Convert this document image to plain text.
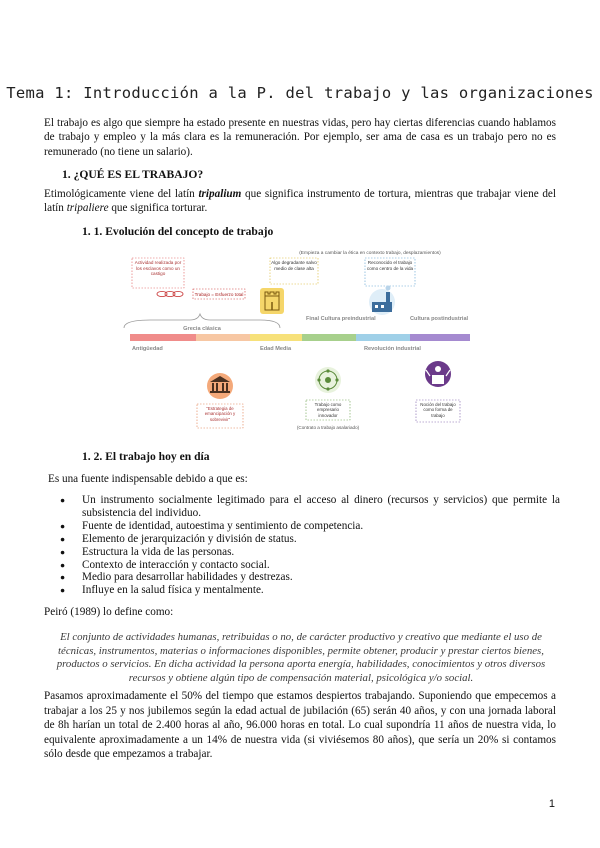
Tema 1: Introducción a la P. del trabajo y las organizaciones
El trabajo es algo que siempre ha estado presente en nuestras vidas, pero hay ciertas diferencias cuando hablamos de trabajo y empleo y la más clara es la remuneración. Por ejemplo, ser ama de casa es un trabajo pero no es remunerado (no tiene un salario).
1. ¿QUÉ ES EL TRABAJO?
Etimológicamente viene del latín tripalium que significa instrumento de tortura, mientras que trabajar viene del latín tripaliere que significa torturar.
1. 1. Evolución del concepto de trabajo
(Empieza a cambiar la ética en contexto trabajo, desplazamientos)
Actividad realizada por los esclavos como un castigo
Trabajo = Esfuerzo total
Algo degradante salvo medio de clase alta
Reconocido el trabajo como centro de la vida
Grecia clásica
Final Cultura preindustrial	Cultura postindustrial
Antigüedad	Edad Media	Revolución industrial
"Estrategia de emancipación y sobrevivir"
Trabajo como empresario innovador
(Contrato a trabajo asalariado)
Noción del trabajo como forma de trabajo
1. 2. El trabajo hoy en día
Es una fuente indispensable debido a que es:
● Un instrumento socialmente legitimado para el acceso al dinero (recursos y servicios) que permite la subsistencia del individuo.
● Fuente de identidad, autoestima y sentimiento de competencia.
● Elemento de jerarquización y división de status.
● Estructura la vida de las personas.
● Contexto de interacción y contacto social.
● Medio para desarrollar habilidades y destrezas.
● Influye en la salud física y mentalmente.
Peiró (1989) lo define como:
El conjunto de actividades humanas, retribuidas o no, de carácter productivo y creativo que mediante el uso de técnicas, instrumentos, materias o informaciones disponibles, permite obtener, producir y prestar ciertos bienes, productos o servicios. En dicha actividad la persona aporta energía, habilidades, conocimientos y otros diversos recursos y obtiene algún tipo de compensación material, psicológica y/o social.
Pasamos aproximadamente el 50% del tiempo que estamos despiertos trabajando. Suponiendo que empecemos a trabajar a los 25 y nos jubilemos según la edad actual de jubilación (65) serán 40 años, y con una jornada laboral de 8h harían un total de 2.400 horas al año, 96.000 horas en total. Lo cual supondría 11 años de nuestra vida, lo equivalente aproximadamente a un 14% de nuestra vida (si viviésemos 80 años), que sería un 20% si contamos sólo desde que empezamos a trabajar.
1
